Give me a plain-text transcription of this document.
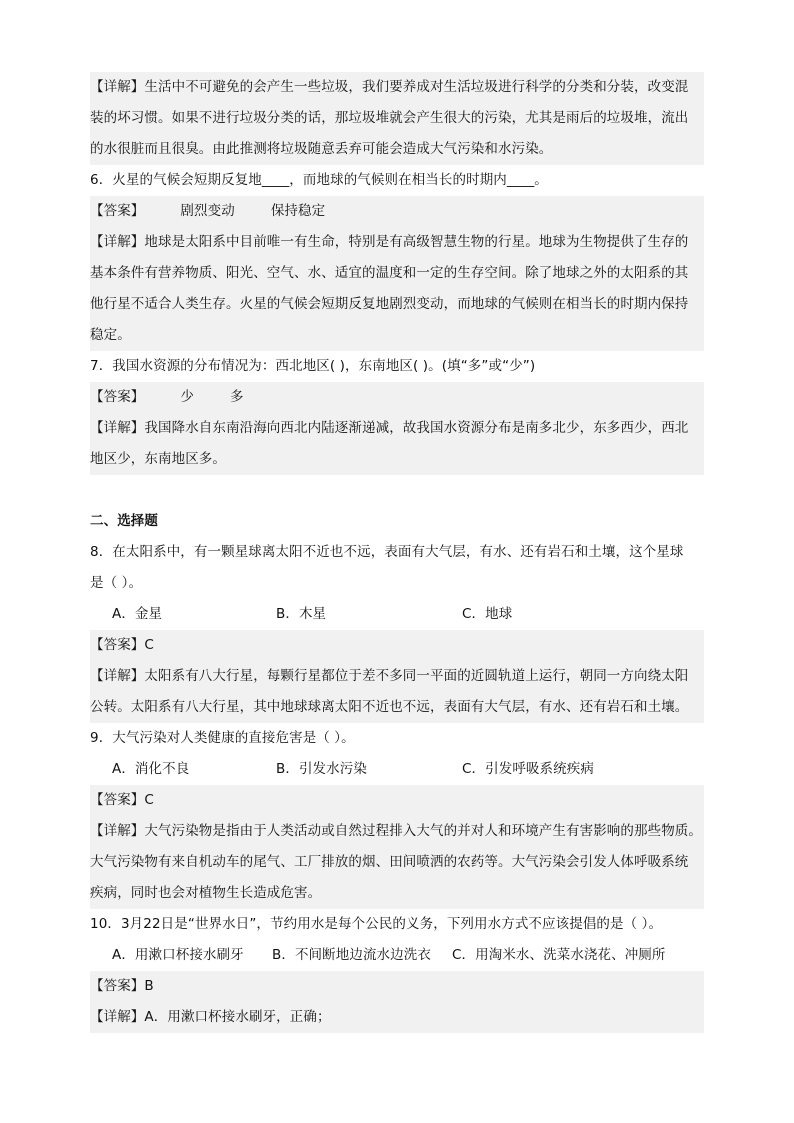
【详解】生活中不可避免的会产生一些垃圾，我们要养成对生活垃圾进行科学的分类和分装，改变混
装的坏习惯。如果不进行垃圾分类的话，那垃圾堆就会产生很大的污染，尤其是雨后的垃圾堆，流出
的水很脏而且很臭。由此推测将垃圾随意丢弃可能会造成大气污染和水污染。
6．火星的气候会短期反复地____，而地球的气候则在相当长的时期内____。
【答案】	剧烈变动	保持稳定
【详解】地球是太阳系中目前唯一有生命，特别是有高级智慧生物的行星。地球为生物提供了生存的
基本条件有营养物质、阳光、空气、水、适宜的温度和一定的生存空间。除了地球之外的太阳系的其
他行星不适合人类生存。火星的气候会短期反复地剧烈变动，而地球的气候则在相当长的时期内保持
稳定。
7．我国水资源的分布情况为：西北地区( )，东南地区( )。(填“多”或“少”)
【答案】	少	多
【详解】我国降水自东南沿海向西北内陆逐渐递减，故我国水资源分布是南多北少，东多西少，西北
地区少，东南地区多。
二、选择题
8．在太阳系中，有一颗星球离太阳不近也不远，表面有大气层，有水、还有岩石和土壤，这个星球
是（ ）。
A．金星	B．木星	C．地球
【答案】C
【详解】太阳系有八大行星，每颗行星都位于差不多同一平面的近圆轨道上运行，朝同一方向绕太阳
公转。太阳系有八大行星，其中地球球离太阳不近也不远，表面有大气层，有水、还有岩石和土壤。
9．大气污染对人类健康的直接危害是（ ）。
A．消化不良	B．引发水污染	C．引发呼吸系统疾病
【答案】C
【详解】大气污染物是指由于人类活动或自然过程排入大气的并对人和环境产生有害影响的那些物质。
大气污染物有来自机动车的尾气、工厂排放的烟、田间喷洒的农药等。大气污染会引发人体呼吸系统
疾病，同时也会对植物生长造成危害。
10．3月22日是“世界水日”，节约用水是每个公民的义务，下列用水方式不应该提倡的是（ ）。
A．用漱口杯接水刷牙 B．不间断地边流水边洗衣 C．用淘米水、洗菜水浇花、冲厕所
【答案】B
【详解】A．用漱口杯接水刷牙，正确；
